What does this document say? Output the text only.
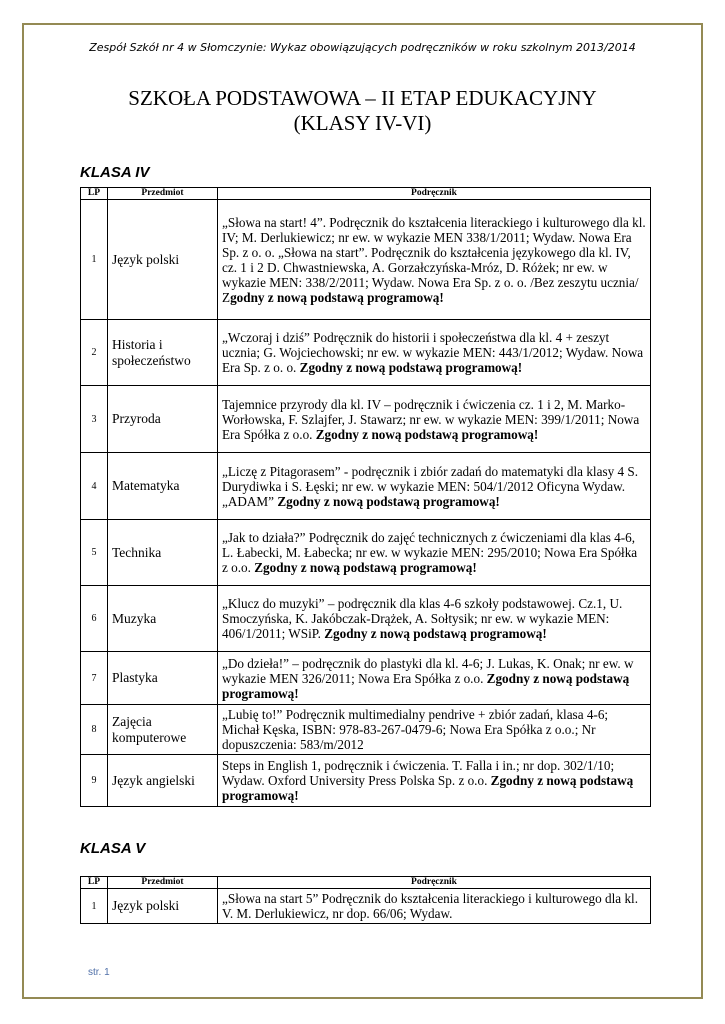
Zespół Szkół nr 4 w Słomczynie: Wykaz obowiązujących podręczników w roku szkolnym 2013/2014
SZKOŁA PODSTAWOWA – II ETAP EDUKACYJNY
(KLASY IV-VI)
KLASA IV
LP	Przedmiot	Podręcznik
1	Język polski	„Słowa na start! 4”. Podręcznik do kształcenia literackiego i kulturowego dla kl. IV; M. Derlukiewicz; nr ew. w wykazie MEN 338/1/2011; Wydaw. Nowa Era Sp. z o. o. „Słowa na start”. Podręcznik do kształcenia językowego dla kl. IV, cz. 1 i 2 D. Chwastniewska, A. Gorzałczyńska-Mróz, D. Różek; nr ew. w wykazie MEN: 338/2/2011; Wydaw. Nowa Era Sp. z o. o. /Bez zeszytu ucznia/ Zgodny z nową podstawą programową!
2	Historia i społeczeństwo	„Wczoraj i dziś” Podręcznik do historii i społeczeństwa dla kl. 4 + zeszyt ucznia; G. Wojciechowski; nr ew. w wykazie MEN: 443/1/2012; Wydaw. Nowa Era Sp. z o. o. Zgodny z nową podstawą programową!
3	Przyroda	Tajemnice przyrody dla kl. IV – podręcznik i ćwiczenia cz. 1 i 2, M. Marko-Worłowska, F. Szlajfer, J. Stawarz; nr ew. w wykazie MEN: 399/1/2011; Nowa Era Spółka z o.o. Zgodny z nową podstawą programową!
4	Matematyka	„Liczę z Pitagorasem” - podręcznik i zbiór zadań do matematyki dla klasy 4 S. Durydiwka i S. Łęski; nr ew. w wykazie MEN: 504/1/2012 Oficyna Wydaw. „ADAM” Zgodny z nową podstawą programową!
5	Technika	„Jak to działa?” Podręcznik do zajęć technicznych z ćwiczeniami dla klas 4-6, L. Łabecki, M. Łabecka; nr ew. w wykazie MEN: 295/2010; Nowa Era Spółka z o.o. Zgodny z nową podstawą programową!
6	Muzyka	„Klucz do muzyki” – podręcznik dla klas 4-6 szkoły podstawowej. Cz.1, U. Smoczyńska, K. Jakóbczak-Drążek, A. Sołtysik; nr ew. w wykazie MEN: 406/1/2011; WSiP. Zgodny z nową podstawą programową!
7	Plastyka	„Do dzieła!” – podręcznik do plastyki dla kl. 4-6; J. Lukas, K. Onak; nr ew. w wykazie MEN 326/2011; Nowa Era Spółka z o.o. Zgodny z nową podstawą programową!
8	Zajęcia komputerowe	„Lubię to!” Podręcznik multimedialny pendrive + zbiór zadań, klasa 4-6; Michał Kęska, ISBN: 978-83-267-0479-6; Nowa Era Spółka z o.o.; Nr dopuszczenia: 583/m/2012
9	Język angielski	Steps in English 1, podręcznik i ćwiczenia. T. Falla i in.; nr dop. 302/1/10; Wydaw. Oxford University Press Polska Sp. z o.o. Zgodny z nową podstawą programową!
KLASA V
LP	Przedmiot	Podręcznik
1	Język polski	„Słowa na start 5” Podręcznik do kształcenia literackiego i kulturowego dla kl. V. M. Derlukiewicz, nr dop. 66/06; Wydaw.
str. 1
